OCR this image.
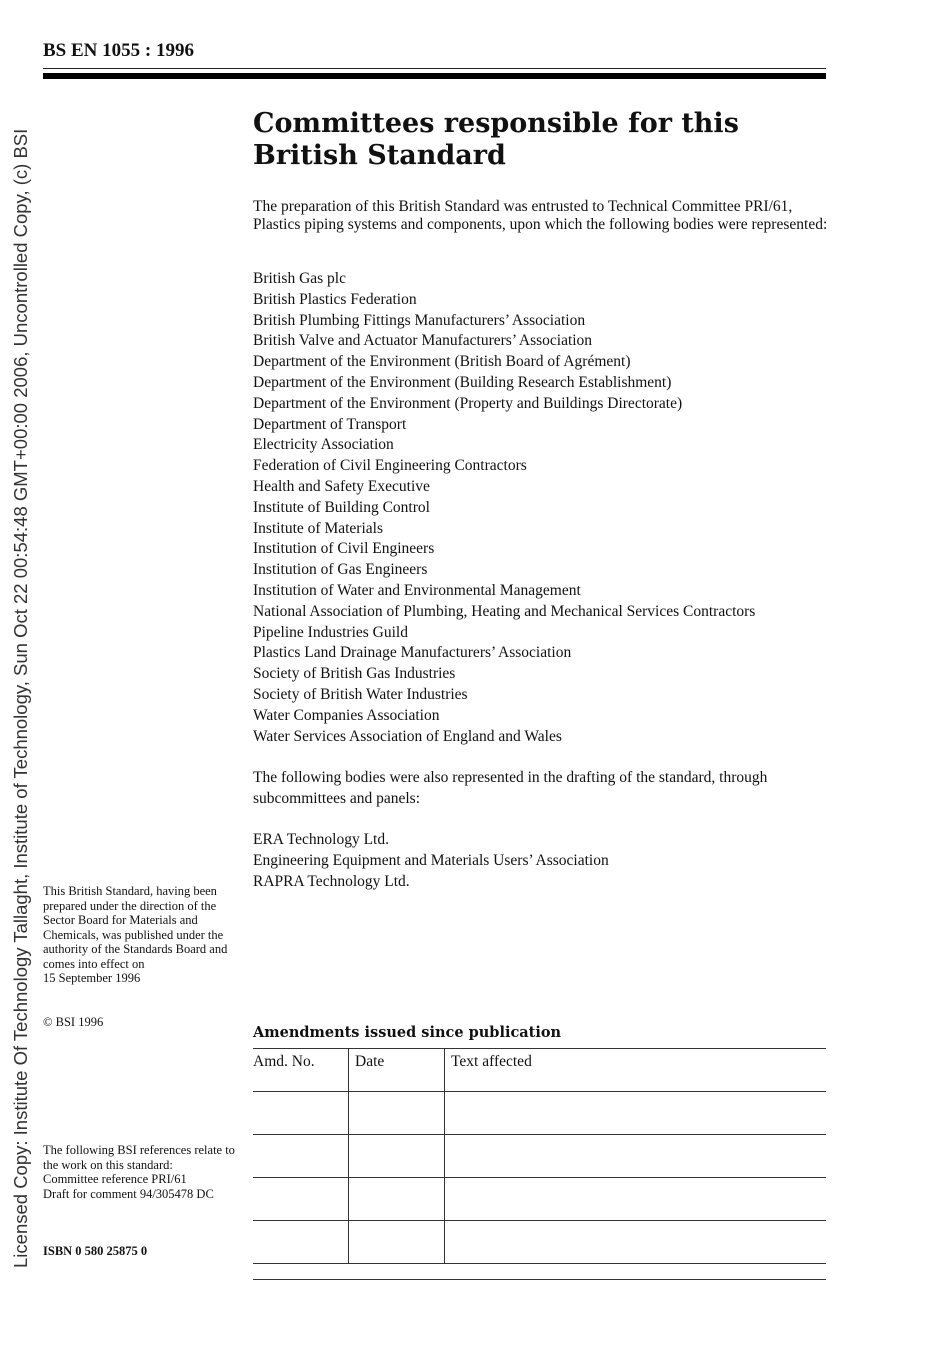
BS EN 1055 : 1996
Licensed Copy: Institute Of Technology Tallaght, Institute of Technology, Sun Oct 22 00:54:48 GMT+00:00 2006, Uncontrolled Copy, (c) BSI
Committees responsible for this
British Standard

The preparation of this British Standard was entrusted to Technical Committee PRI/61, Plastics piping systems and components, upon which the following bodies were represented:

British Gas plc
British Plastics Federation
British Plumbing Fittings Manufacturers’ Association
British Valve and Actuator Manufacturers’ Association
Department of the Environment (British Board of Agrément)
Department of the Environment (Building Research Establishment)
Department of the Environment (Property and Buildings Directorate)
Department of Transport
Electricity Association
Federation of Civil Engineering Contractors
Health and Safety Executive
Institute of Building Control
Institute of Materials
Institution of Civil Engineers
Institution of Gas Engineers
Institution of Water and Environmental Management
National Association of Plumbing, Heating and Mechanical Services Contractors
Pipeline Industries Guild
Plastics Land Drainage Manufacturers’ Association
Society of British Gas Industries
Society of British Water Industries
Water Companies Association
Water Services Association of England and Wales

The following bodies were also represented in the drafting of the standard, through subcommittees and panels:

ERA Technology Ltd.
Engineering Equipment and Materials Users’ Association
RAPRA Technology Ltd.

This British Standard, having been prepared under the direction of the Sector Board for Materials and Chemicals, was published under the authority of the Standards Board and comes into effect on

15 September 1996

© BSI 1996

The following BSI references relate to the work on this standard:

Committee reference PRI/61

Draft for comment 94/305478 DC

ISBN 0 580 25875 0
Amendments issued since publication
Amd. No.	Date	Text affected
